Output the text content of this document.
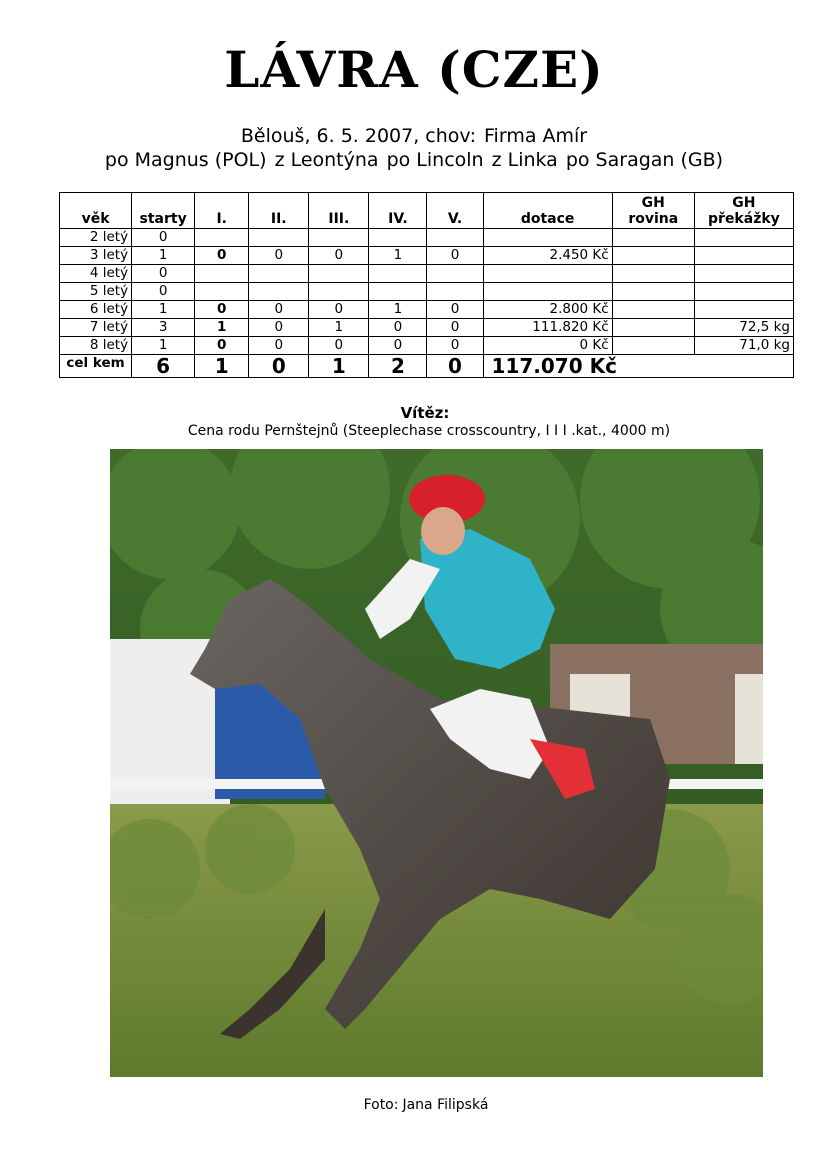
LÁVRA (CZE)
Bělouš, 6. 5. 2007, chov: Firma Amír
po Magnus (POL) z Leontýna po Lincoln z Linka po Saragan (GB)
věk	starty	I.	II.	III.	IV.	V.	dotace	GH rovina	GH překážky
2 letý	0								
3 letý	1	0	0	0	1	0	2.450 Kč		
4 letý	0								
5 letý	0								
6 letý	1	0	0	0	1	0	2.800 Kč		
7 letý	3	1	0	1	0	0	111.820 Kč		72,5 kg
8 letý	1	0	0	0	0	0	0 Kč		71,0 kg
cel kem	6	1	0	1	2	0	117.070 Kč		
Vítěz:
Cena rodu Pernštejnů (Steeplechase crosscountry, I I I .kat., 4000 m)
Foto: Jana Filipská
